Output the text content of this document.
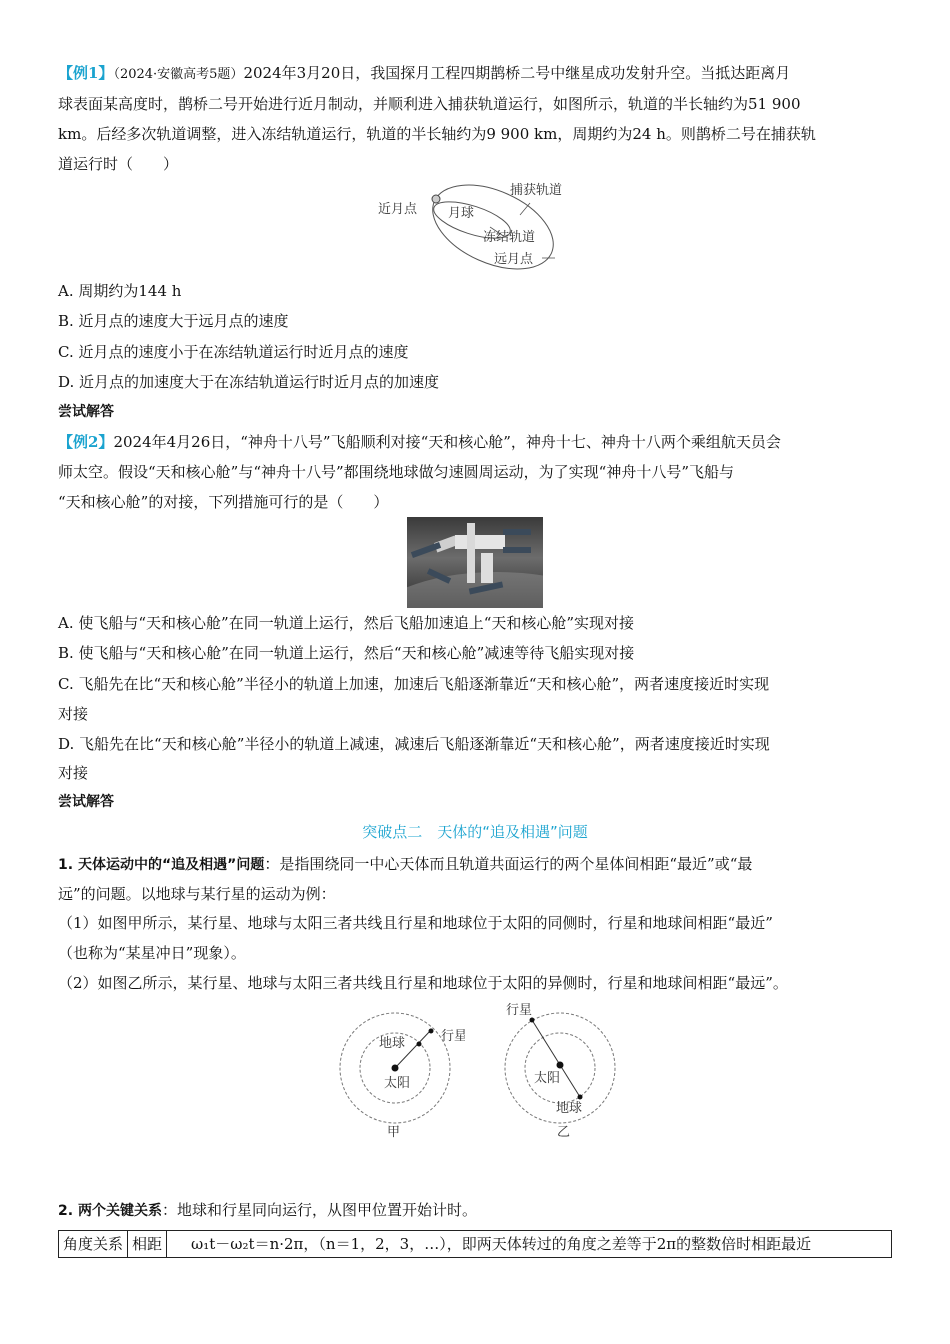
【例1】（2024·安徽高考5题）2024年3月20日，我国探月工程四期鹊桥二号中继星成功发射升空。当抵达距离月

球表面某高度时，鹊桥二号开始进行近月制动，并顺利进入捕获轨道运行，如图所示，轨道的半长轴约为51 900

km。后经多次轨道调整，进入冻结轨道运行，轨道的半长轴约为9 900 km，周期约为24 h。则鹊桥二号在捕获轨

道运行时（　　）

捕获轨道
近月点 月球
冻结轨道
远月点

A. 周期约为144 h

B. 近月点的速度大于远月点的速度

C. 近月点的速度小于在冻结轨道运行时近月点的速度

D. 近月点的加速度大于在冻结轨道运行时近月点的加速度

尝试解答

【例2】2024年4月26日，“神舟十八号”飞船顺利对接“天和核心舱”，神舟十七、神舟十八两个乘组航天员会

师太空。假设“天和核心舱”与“神舟十八号”都围绕地球做匀速圆周运动，为了实现“神舟十八号”飞船与

“天和核心舱”的对接，下列措施可行的是（　　）

A. 使飞船与“天和核心舱”在同一轨道上运行，然后飞船加速追上“天和核心舱”实现对接

B. 使飞船与“天和核心舱”在同一轨道上运行，然后“天和核心舱”减速等待飞船实现对接

C. 飞船先在比“天和核心舱”半径小的轨道上加速，加速后飞船逐渐靠近“天和核心舱”，两者速度接近时实现

对接

D. 飞船先在比“天和核心舱”半径小的轨道上减速，减速后飞船逐渐靠近“天和核心舱”，两者速度接近时实现

对接

尝试解答

突破点二　天体的“追及相遇”问题

1. 天体运动中的“追及相遇”问题：是指围绕同一中心天体而且轨道共面运行的两个星体间相距“最近”或“最

远”的问题。以地球与某行星的运动为例：

（1）如图甲所示，某行星、地球与太阳三者共线且行星和地球位于太阳的同侧时，行星和地球间相距“最近”

（也称为“某星冲日”现象）。

（2）如图乙所示，某行星、地球与太阳三者共线且行星和地球位于太阳的异侧时，行星和地球间相距“最远”。

地球	行星
太阳
甲
行星
太阳
地球
乙

2. 两个关键关系：地球和行星同向运行，从图甲位置开始计时。

角度关系	相距	ω₁t－ω₂t＝n·2π，（n＝1，2，3，…），即两天体转过的角度之差等于2π的整数倍时相距最近
